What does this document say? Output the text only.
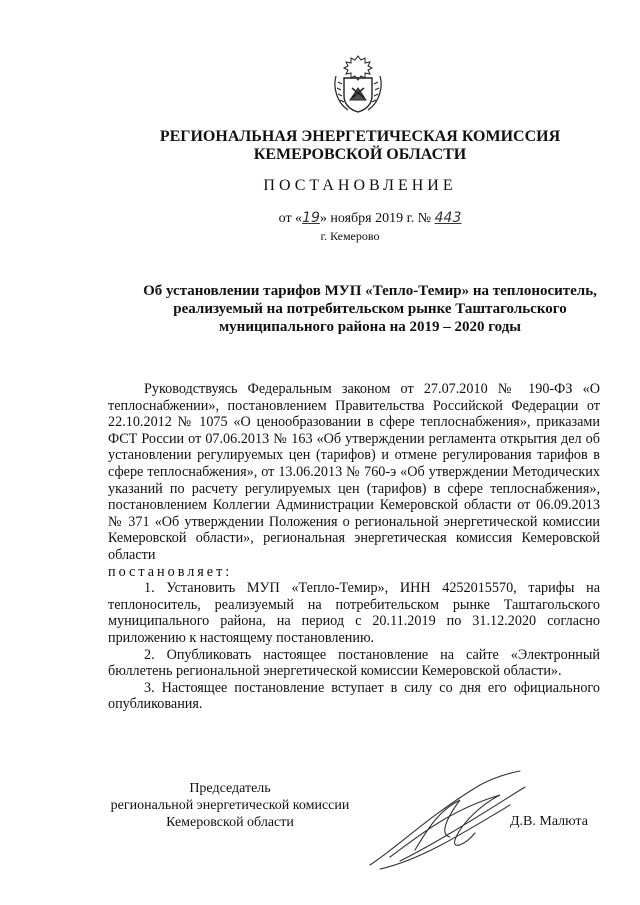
РЕГИОНАЛЬНАЯ ЭНЕРГЕТИЧЕСКАЯ КОМИССИЯ
КЕМЕРОВСКОЙ ОБЛАСТИ
ПОСТАНОВЛЕНИЕ
от «19» ноября 2019 г. № 443
г. Кемерово
Об установлении тарифов МУП «Тепло-Темир» на теплоноситель,
реализуемый на потребительском рынке Таштагольского
муниципального района на 2019 – 2020 годы

Руководствуясь Федеральным законом от 27.07.2010 № 190-ФЗ «О теплоснабжении», постановлением Правительства Российской Федерации от 22.10.2012 № 1075 «О ценообразовании в сфере теплоснабжения», приказами ФСТ России от 07.06.2013 № 163 «Об утверждении регламента открытия дел об установлении регулируемых цен (тарифов) и отмене регулирования тарифов в сфере теплоснабжения», от 13.06.2013 № 760-э «Об утверждении Методических указаний по расчету регулируемых цен (тарифов) в сфере теплоснабжения», постановлением Коллегии Администрации Кемеровской области от 06.09.2013 № 371 «Об утверждении Положения о региональной энергетической комиссии Кемеровской области», региональная энергетическая комиссия Кемеровской области

постановляет:

1. Установить МУП «Тепло-Темир», ИНН 4252015570, тарифы на теплоноситель, реализуемый на потребительском рынке Таштагольского муниципального района, на период с 20.11.2019 по 31.12.2020 согласно приложению к настоящему постановлению.

2. Опубликовать настоящее постановление на сайте «Электронный бюллетень региональной энергетической комиссии Кемеровской области».

3. Настоящее постановление вступает в силу со дня его официального опубликования.

Председатель
региональной энергетической комиссии
Кемеровской области	Д.В. Малюта
